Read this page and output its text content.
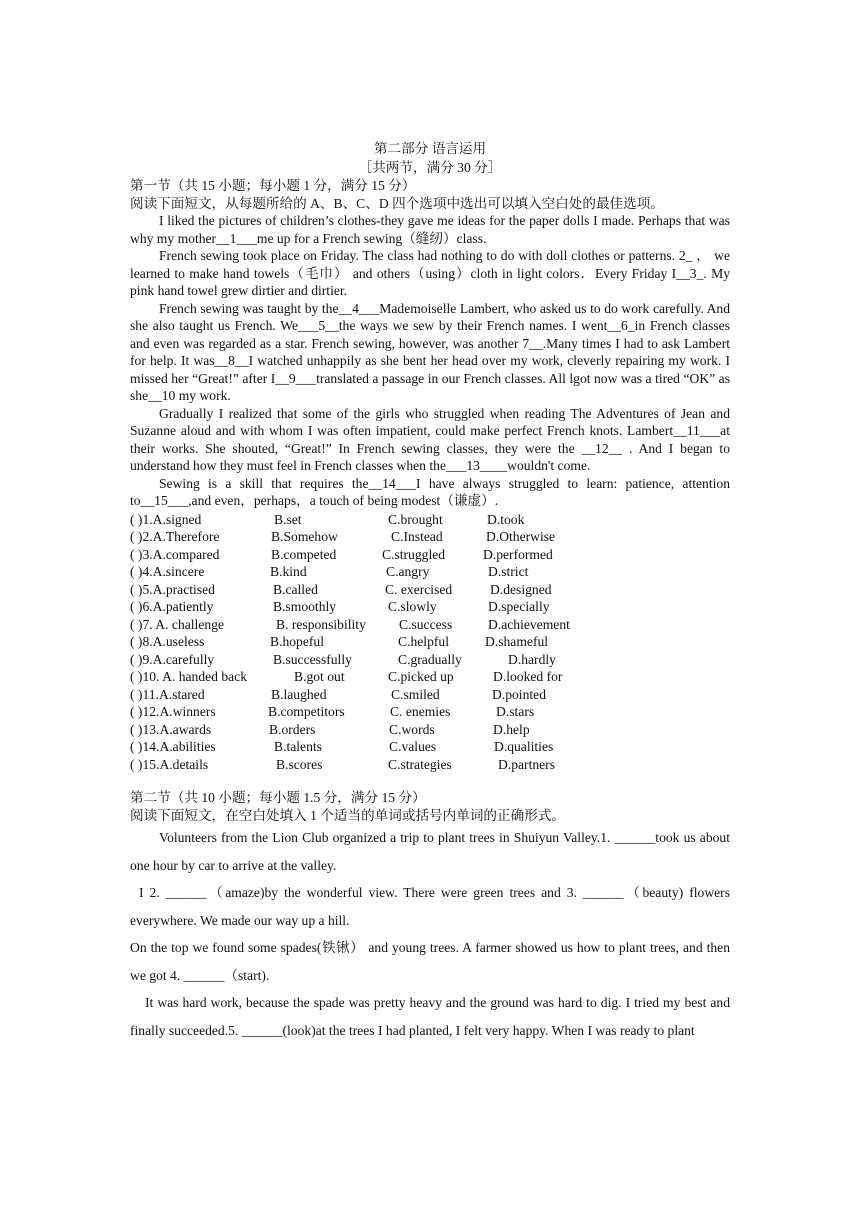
第二部分 语言运用
［共两节，满分 30 分］
第一节（共 15 小题；每小题 1 分，满分 15 分）
阅读下面短文，从每题所给的 A、B、C、D 四个选项中选出可以填入空白处的最佳选项。
I liked the pictures of children’s clothes-they gave me ideas for the paper dolls I made. Perhaps that was why my mother__1___me up for a French sewing（缝纫）class.
French sewing took place on Friday. The class had nothing to do with doll clothes or patterns. 2_ ， we learned to make hand towels（毛巾） and others（using）cloth in light colors．Every Friday I__3_. My pink hand towel grew dirtier and dirtier.
French sewing was taught by the__4___Mademoiselle Lambert, who asked us to do work carefully. And she also taught us French. We___5__the ways we sew by their French names. I went__6_in French classes and even was regarded as a star. French sewing, however, was another 7__.Many times I had to ask Lambert for help. It was__8__I watched unhappily as she bent her head over my work, cleverly repairing my work. I missed her “Great!” after I__9___translated a passage in our French classes. All lgot now was a tired “OK” as she__10 my work.
Gradually I realized that some of the girls who struggled when reading The Adventures of Jean and Suzanne aloud and with whom I was often impatient, could make perfect French knots. Lambert__11___at their works. She shouted, “Great!” In French sewing classes, they were the __12__ . And I began to understand how they must feel in French classes when the___13____wouldn't come.
Sewing is a skill that requires the__14___I have always struggled to learn: patience, attention to__15___,and even，perhaps，a touch of being modest（谦虚）.
( )1.A.signed	B.set	C.brought	D.took
( )2.A.Therefore	B.Somehow	C.Instead	D.Otherwise
( )3.A.compared	B.competed	C.struggled	D.performed
( )4.A.sincere	B.kind	C.angry	D.strict
( )5.A.practised	B.called	C. exercised	D.designed
( )6.A.patiently	B.smoothly	C.slowly	D.specially
( )7. A. challenge	B. responsibility C.success	D.achievement
( )8.A.useless	B.hopeful	C.helpful	D.shameful
( )9.A.carefully	B.successfully	C.gradually	D.hardly
( )10. A. handed back	B.got out	C.picked up	D.looked for
( )11.A.stared	B.laughed	C.smiled	D.pointed
( )12.A.winners	B.competitors	C. enemies	D.stars
( )13.A.awards	B.orders	C.words	D.help
( )14.A.abilities	B.talents	C.values	D.qualities
( )15.A.details	B.scores	C.strategies	D.partners
第二节（共 10 小题；每小题 1.5 分，满分 15 分）
阅读下面短文，在空白处填入 1 个适当的单词或括号内单词的正确形式。
Volunteers from the Lion Club organized a trip to plant trees in Shuiyun Valley.1. ______took us about one hour by car to arrive at the valley.
I 2. ______（amaze)by the wonderful view. There were green trees and 3. ______（beauty) flowers everywhere. We made our way up a hill.
On the top we found some spades(铁锹） and young trees. A farmer showed us how to plant trees, and then we got 4. ______（start).
It was hard work, because the spade was pretty heavy and the ground was hard to dig. I tried my best and finally succeeded.5. ______(look)at the trees I had planted, I felt very happy. When I was ready to plant
